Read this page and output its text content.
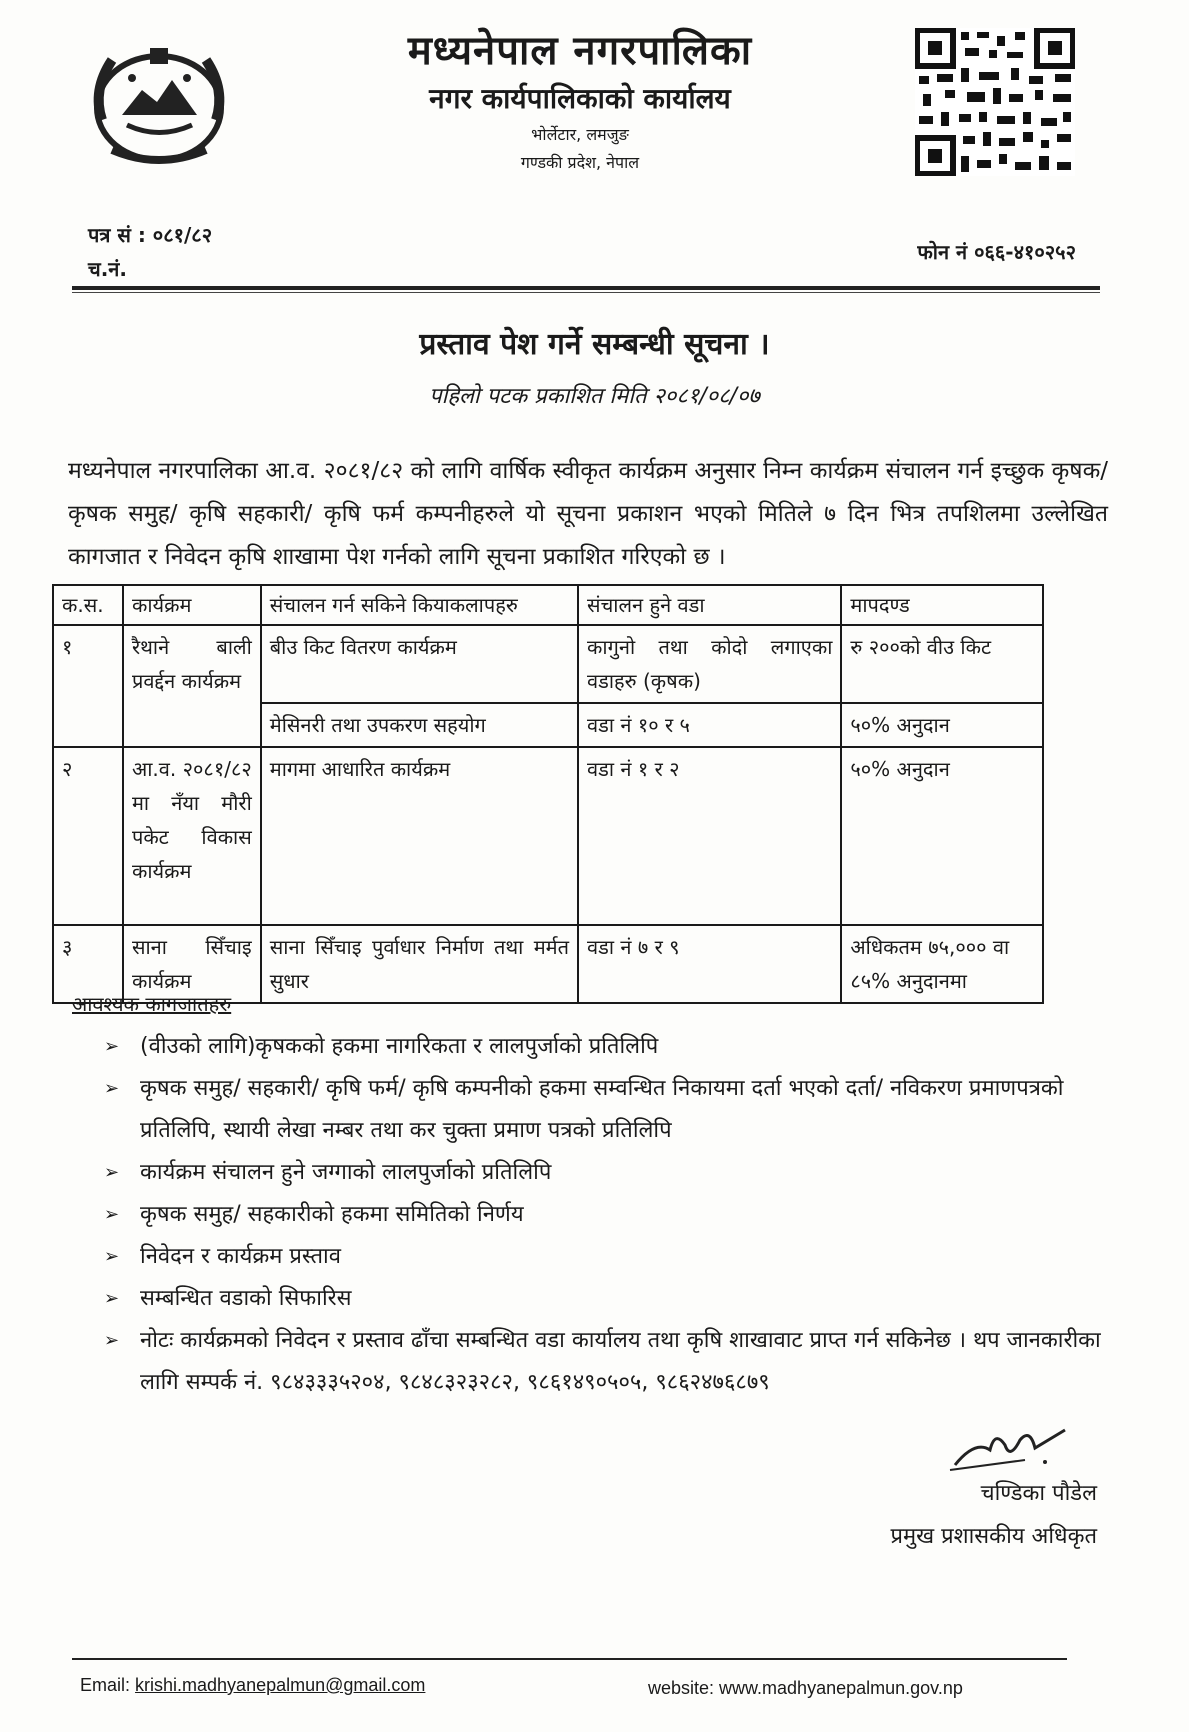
मध्यनेपाल नगरपालिका
नगर कार्यपालिकाको कार्यालय
भोर्लेटार, लमजुङ
गण्डकी प्रदेश, नेपाल
पत्र सं : ०८१/८२
च.नं.
फोन नं ०६६-४१०२५२
प्रस्ताव पेश गर्ने सम्बन्धी सूचना ।
पहिलो पटक प्रकाशित मिति २०८१/०८/०७
मध्यनेपाल नगरपालिका आ.व. २०८१/८२ को लागि वार्षिक स्वीकृत कार्यक्रम अनुसार निम्न कार्यक्रम संचालन गर्न इच्छुक कृषक/कृषक समुह/ कृषि सहकारी/ कृषि फर्म कम्पनीहरुले यो सूचना प्रकाशन भएको मितिले ७ दिन भित्र तपशिलमा उल्लेखित कागजात र निवेदन कृषि शाखामा पेश गर्नको लागि सूचना प्रकाशित गरिएको छ ।
क.स.	कार्यक्रम	संचालन गर्न सकिने कियाकलापहरु	संचालन हुने वडा	मापदण्ड
१	रैथाने बाली प्रवर्द्दन कार्यक्रम	बीउ किट वितरण कार्यक्रम	कागुनो तथा कोदो लगाएका वडाहरु (कृषक)	रु २००को वीउ किट
		मेसिनरी तथा उपकरण सहयोग	वडा नं १० र ५	५०% अनुदान
२	आ.व. २०८१/८२ मा नँया मौरी पकेट विकास कार्यक्रम	मागमा आधारित कार्यक्रम	वडा नं १ र २	५०% अनुदान
३	साना सिँचाइ कार्यक्रम	साना सिँचाइ पुर्वाधार निर्माण तथा मर्मत सुधार	वडा नं ७ र ९	अधिकतम ७५,००० वा ८५% अनुदानमा
आवश्यक कागजातहरु
➢ (वीउको लागि)कृषकको हकमा नागरिकता र लालपुर्जाको प्रतिलिपि
➢ कृषक समुह/ सहकारी/ कृषि फर्म/ कृषि कम्पनीको हकमा सम्वन्धित निकायमा दर्ता भएको दर्ता/ नविकरण प्रमाणपत्रको प्रतिलिपि, स्थायी लेखा नम्बर तथा कर चुक्ता प्रमाण पत्रको प्रतिलिपि
➢ कार्यक्रम संचालन हुने जग्गाको लालपुर्जाको प्रतिलिपि
➢ कृषक समुह/ सहकारीको हकमा समितिको निर्णय
➢ निवेदन र कार्यक्रम प्रस्ताव
➢ सम्बन्धित वडाको सिफारिस
➢ नोटः कार्यक्रमको निवेदन र प्रस्ताव ढाँचा सम्बन्धित वडा कार्यालय तथा कृषि शाखावाट प्राप्त गर्न सकिनेछ । थप जानकारीका लागि सम्पर्क नं. ९८४३३३५२०४, ९८४८३२३२८२, ९८६१४९०५०५, ९८६२४७६८७९
चण्डिका पौडेल
प्रमुख प्रशासकीय अधिकृत
Email: krishi.madhyanepalmun@gmail.com	website: www.madhyanepalmun.gov.np
